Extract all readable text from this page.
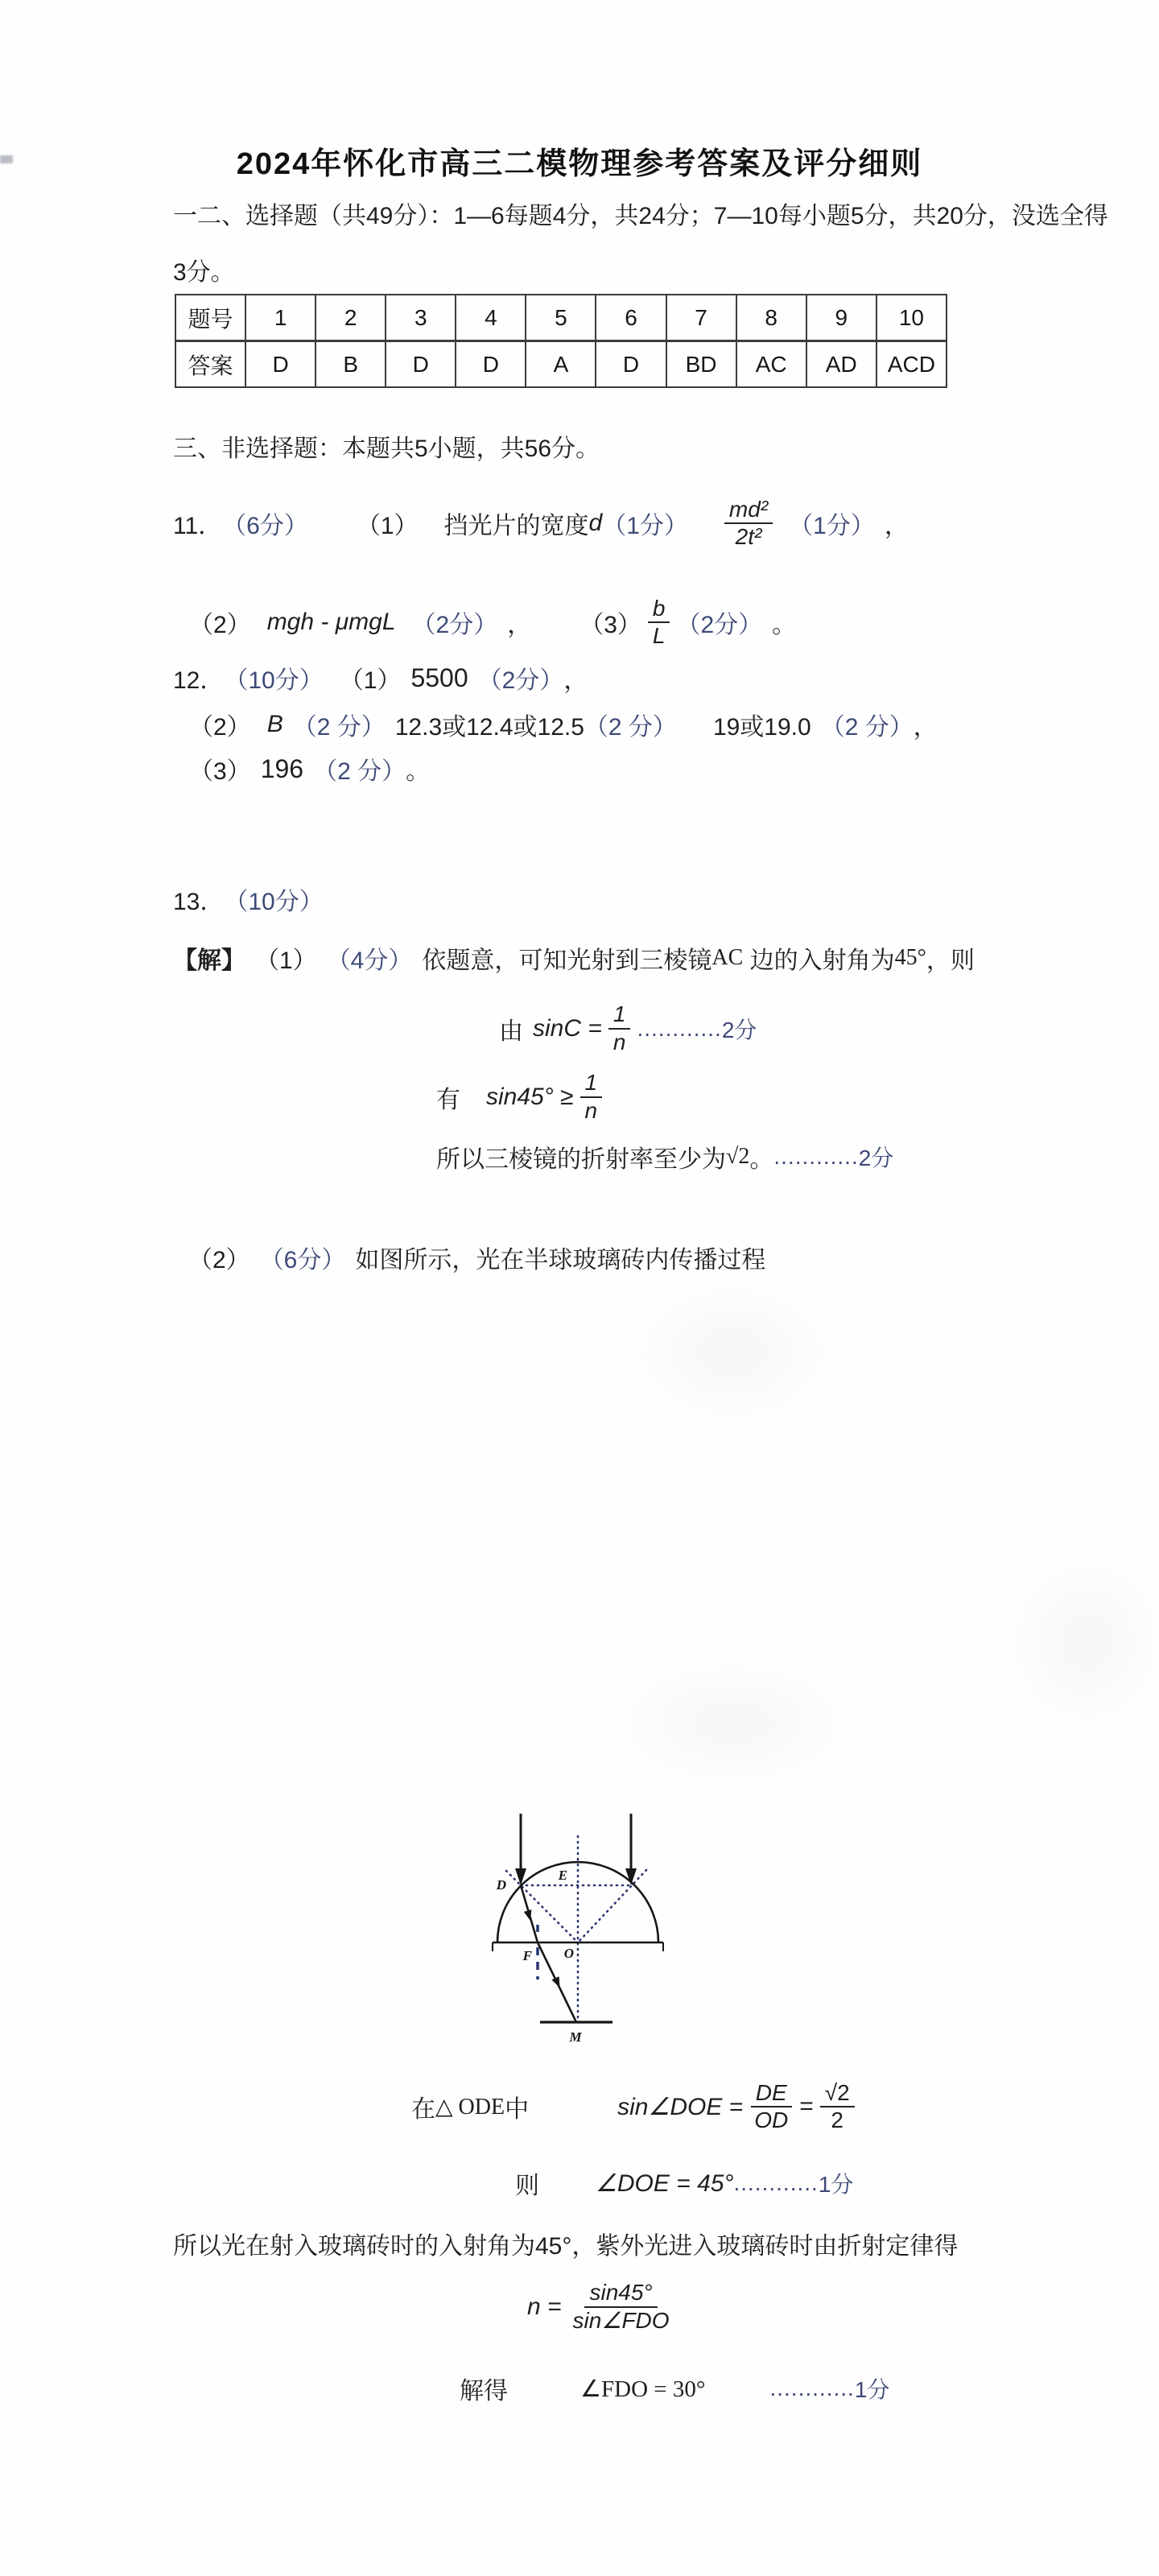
2024年怀化市高三二模物理参考答案及评分细则
一二、选择题（共49分）：1—6每题4分，共24分；7—10每小题5分，共20分，没选全得
3分。
题号	1	2	3	4	5	6	7	8	9	10
答案	D	B	D	D	A	D	BD	AC	AD	ACD
三、非选择题：本题共5小题，共56分。
11． （6分） （1） 挡光片的宽度 d （1分） $\frac{\text{md²}}{\text{2t²}} (1$分） ，
（2） mgh - μmgL （2分） ， $(3) \frac{b}{L} (2$分） 。
12． （10分） （1） 5500 （2分） ，
（2） B （2 分） 12.3或12.4或12.5 （2 分） 19或19.0 （2 分） ，
（3） 196 （2 分） 。
13． （10分）
【解】 （1） （4分） 依题意，可知光射到三棱镜 AC 边的入射角为 45° ，则
由 $\sin C = \frac{1}{n}$ ............ 2分
有 $\sin 45^\circ \ge \frac{1}{n}$
所以三棱镜的折射率至少为 √2 。 ............ 2分
（2） （6分） 如图所示，光在半球玻璃砖内传播过程
D
E
O
F
M
在 △ ODE 中	sin∠DOE = $\frac{DE}{OD} = \frac{√2}{2}$
则 ∠DOE = 45° ............ 1分
所以光在射入玻璃砖时的入射角为45°，紫外光进入玻璃砖时由折射定律得
$n = \frac{\sin 45^\circ}{\text{sin∠FDO}}$
解得	∠FDO = 30°	............ 1分
